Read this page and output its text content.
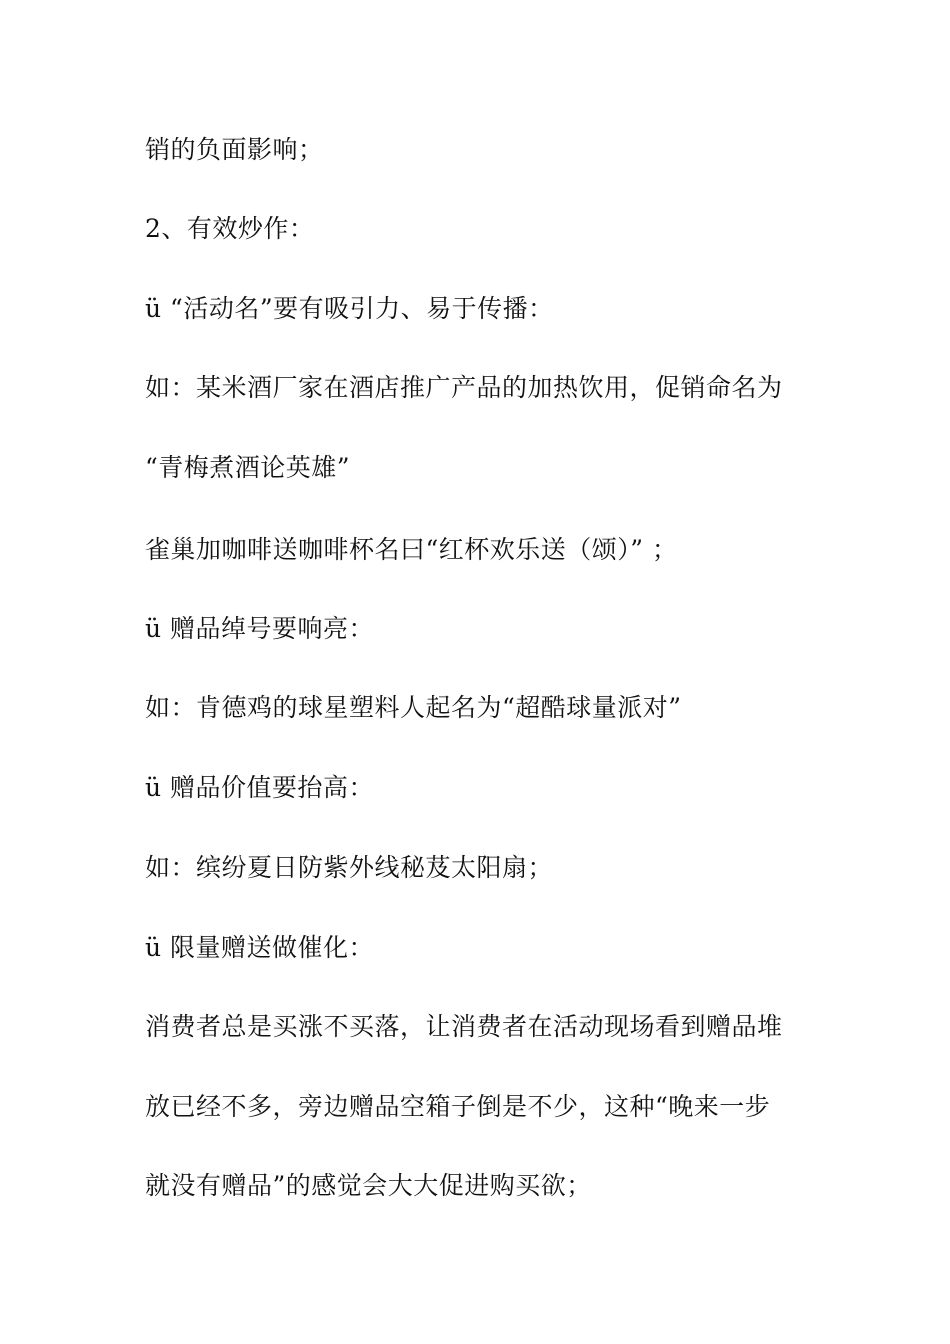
销的负面影响；
2、有效炒作：
ü “活动名”要有吸引力、易于传播：
如：某米酒厂家在酒店推广产品的加热饮用，促销命名为
“青梅煮酒论英雄”
雀巢加咖啡送咖啡杯名曰“红杯欢乐送（颂）” ；
ü 赠品绰号要响亮：
如：肯德鸡的球星塑料人起名为“超酷球量派对”
ü 赠品价值要抬高：
如：缤纷夏日防紫外线秘芨太阳扇；
ü 限量赠送做催化：
消费者总是买涨不买落，让消费者在活动现场看到赠品堆
放已经不多，旁边赠品空箱子倒是不少，这种“晚来一步
就没有赠品”的感觉会大大促进购买欲；
